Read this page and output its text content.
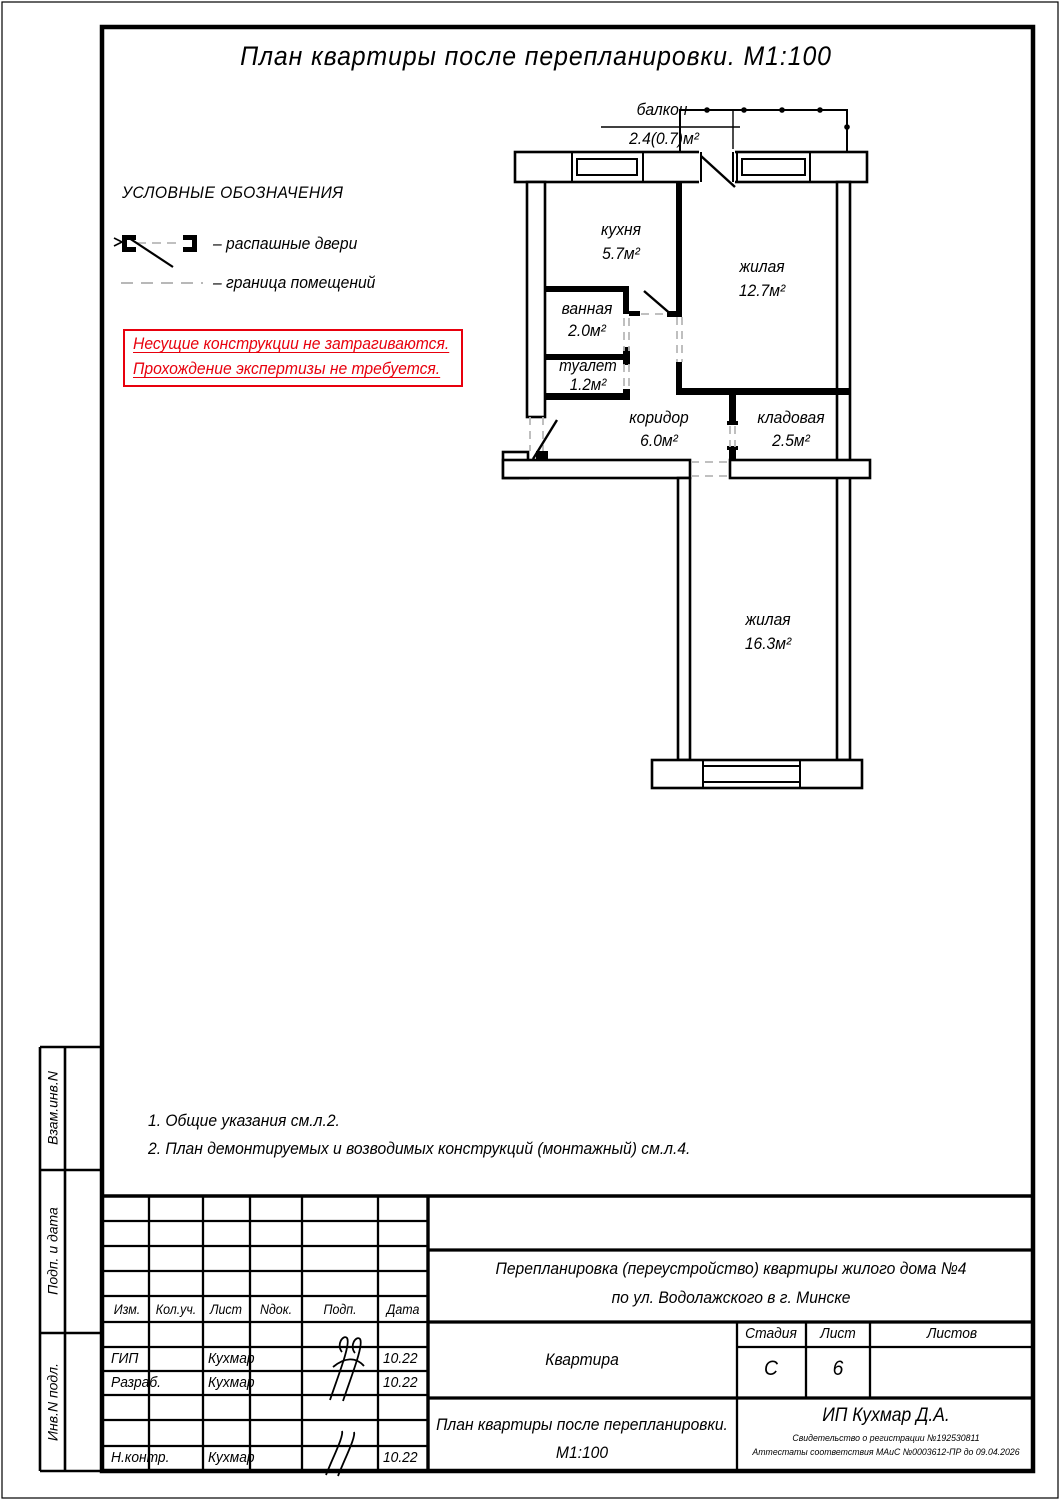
План квартиры после перепланировки. М1:100
УСЛОВНЫЕ ОБОЗНАЧЕНИЯ
– распашные двери
– граница помещений
Несущие конструкции не затрагиваются.
Прохождение экспертизы не требуется.
балкон
2.4(0.7)м²
кухня
5.7м²
жилая
12.7м²
ванная
2.0м²
туалет
1.2м²
коридор
6.0м²
кладовая
2.5м²
жилая
16.3м²
1. Общие указания см.л.2.
2. План демонтируемых и возводимых конструкций (монтажный) см.л.4.
Взам.инв.N
Подп. и дата
Инв.N подл.
Изм. Кол.уч. Лист Nдок. Подп. Дата
ГИП	Кухмар	10.22
Разраб.	Кухмар	10.22
Н.контр.	Кухмар	10.22
Перепланировка (переустройство) квартиры жилого дома №4
по ул. Водолажского в г. Минске
Квартира
Стадия Лист	Листов
С	6
План квартиры после перепланировки.
М1:100
ИП Кухмар Д.А.
Свидетельство о регистрации №192530811
Аттестаты соответствия МАиС №0003612-ПР до 09.04.2026
